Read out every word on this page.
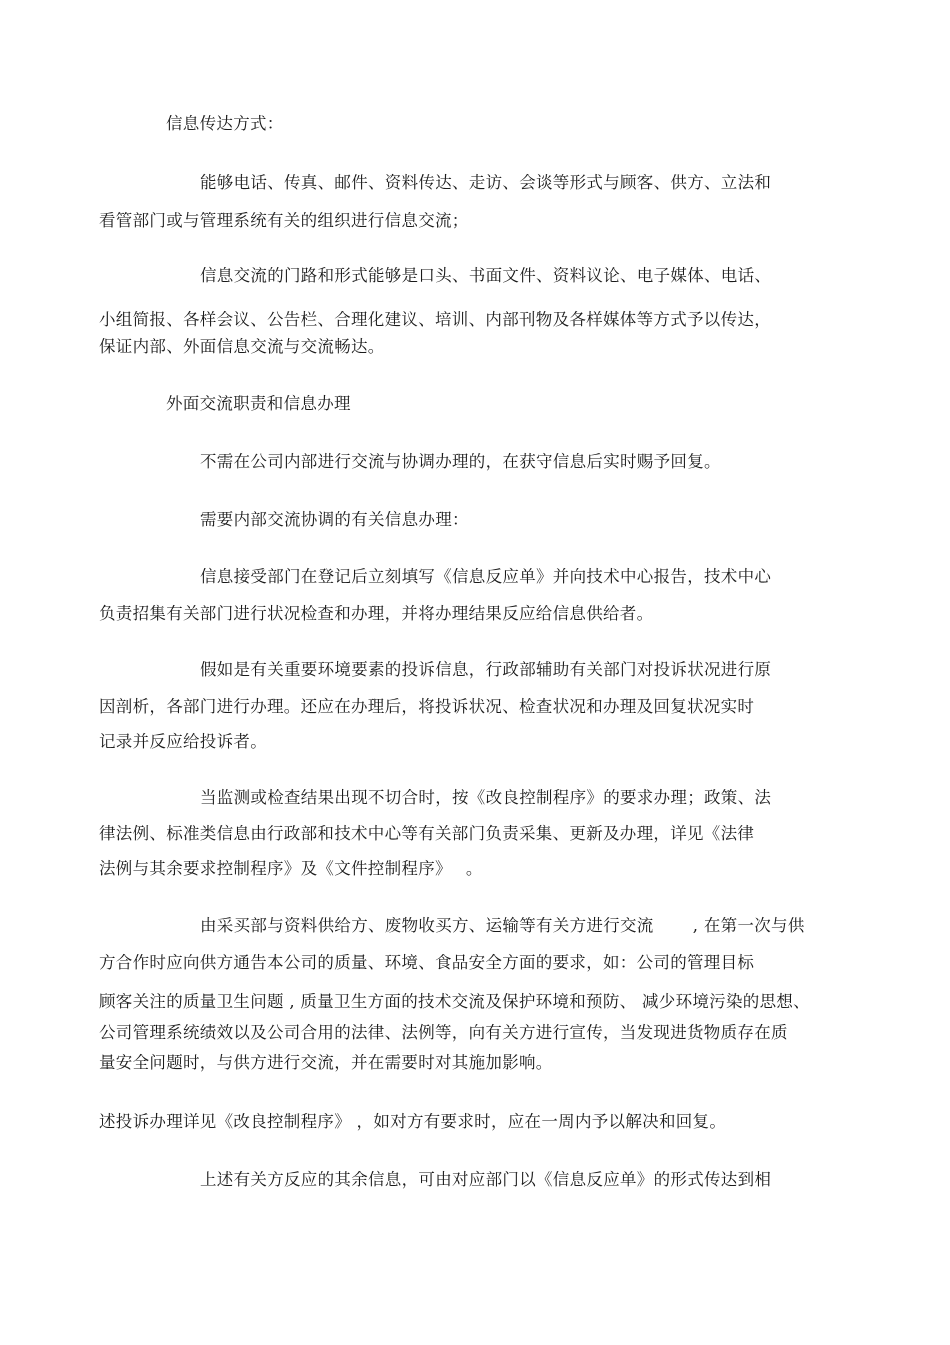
信息传达方式：
能够电话、传真、邮件、资料传达、走访、会谈等形式与顾客、供方、立法和
看管部门或与管理系统有关的组织进行信息交流；
信息交流的门路和形式能够是口头、书面文件、资料议论、电子媒体、电话、
小组简报、各样会议、公告栏、合理化建议、培训、内部刊物及各样媒体等方式予以传达，
保证内部、外面信息交流与交流畅达。
外面交流职责和信息办理
不需在公司内部进行交流与协调办理的，在获守信息后实时赐予回复。
需要内部交流协调的有关信息办理：
信息接受部门在登记后立刻填写《信息反应单》并向技术中心报告，技术中心
负责招集有关部门进行状况检查和办理，并将办理结果反应给信息供给者。
假如是有关重要环境要素的投诉信息，行政部辅助有关部门对投诉状况进行原
因剖析，各部门进行办理。还应在办理后，将投诉状况、检查状况和办理及回复状况实时
记录并反应给投诉者。
当监测或检查结果出现不切合时，按《改良控制程序》的要求办理；政策、法
律法例、标准类信息由行政部和技术中心等有关部门负责采集、更新及办理，详见《法律
法例与其余要求控制程序》及《文件控制程序》　 。
由采买部与资料供给方、废物收买方、运输等有关方进行交流　　 , 在第一次与供
方合作时应向供方通告本公司的质量、环境、食品安全方面的要求，如：公司的管理目标
顾客关注的质量卫生问题 , 质量卫生方面的技术交流及保护环境和预防、 减少环境污染的思想、
公司管理系统绩效以及公司合用的法律、法例等，向有关方进行宣传，当发现进货物质存在质
量安全问题时，与供方进行交流，并在需要时对其施加影响。
述投诉办理详见《改良控制程序》 ，如对方有要求时，应在一周内予以解决和回复。
上述有关方反应的其余信息，可由对应部门以《信息反应单》的形式传达到相
